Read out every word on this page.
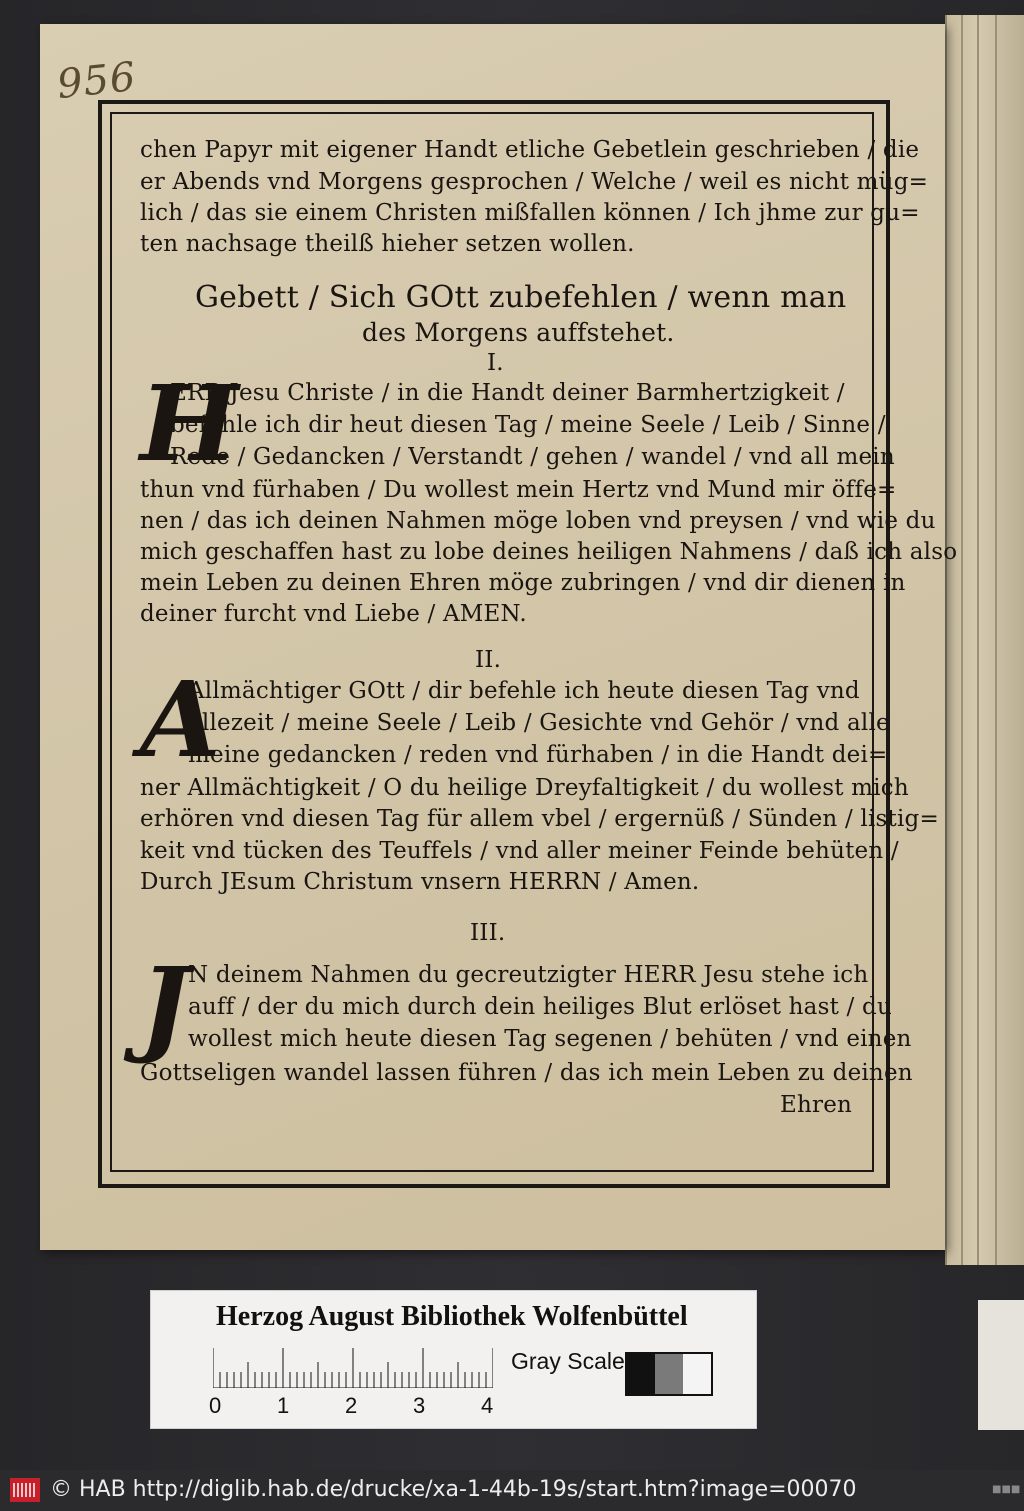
956
chen Papyr mit eigener Handt etliche Gebetlein geschrieben / die
er Abends vnd Morgens gesprochen / Welche / weil es nicht müg=
lich / das sie einem Christen mißfallen können / Ich jhme zur gu=
ten nachsage theilß hieher setzen wollen.
Gebett / Sich GOtt zubefehlen / wenn man
des Morgens auffstehet.
I.
H
ERR Jesu Christe / in die Handt deiner Barmhertzigkeit /
befehle ich dir heut diesen Tag / meine Seele / Leib / Sinne /
Rede / Gedancken / Verstandt / gehen / wandel / vnd all mein
thun vnd fürhaben / Du wollest mein Hertz vnd Mund mir öffe=
nen / das ich deinen Nahmen möge loben vnd preysen / vnd wie du
mich geschaffen hast zu lobe deines heiligen Nahmens / daß ich also
mein Leben zu deinen Ehren möge zubringen / vnd dir dienen in
deiner furcht vnd Liebe / AMEN.
II.
A
Allmächtiger GOtt / dir befehle ich heute diesen Tag vnd
allezeit / meine Seele / Leib / Gesichte vnd Gehör / vnd alle
meine gedancken / reden vnd fürhaben / in die Handt dei=
ner Allmächtigkeit / O du heilige Dreyfaltigkeit / du wollest mich
erhören vnd diesen Tag für allem vbel / ergernüß / Sünden / listig=
keit vnd tücken des Teuffels / vnd aller meiner Feinde behüten /
Durch JEsum Christum vnsern HERRN / Amen.
III.
J
N deinem Nahmen du gecreutzigter HERR Jesu stehe ich
auff / der du mich durch dein heiliges Blut erlöset hast / du
wollest mich heute diesen Tag segenen / behüten / vnd einen
Gottseligen wandel lassen führen / das ich mein Leben zu deinen
Ehren
Herzog August Bibliothek Wolfenbüttel
0	1	2	3	4
Gray Scale
© HAB http://diglib.hab.de/drucke/xa-1-44b-19s/start.htm?image=00070	■■■
